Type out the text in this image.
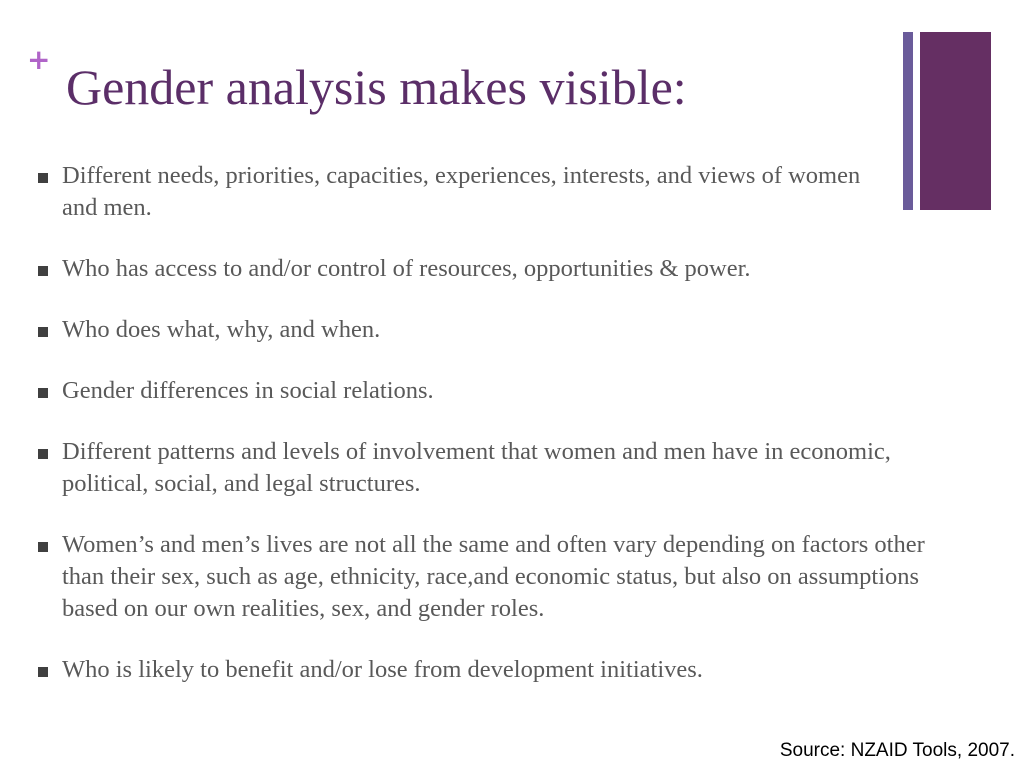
+ Gender analysis makes visible:
Different needs, priorities, capacities, experiences, interests, and views of women and men.
Who has access to and/or control of resources, opportunities & power.
Who does what, why, and when.
Gender differences in social relations.
Different patterns and levels of involvement that women and men have in economic, political, social, and legal structures.
Women’s and men’s lives are not all the same and often vary depending on factors other than their sex, such as age, ethnicity, race,and economic status, but also on assumptions based on our own realities, sex, and gender roles.
Who is likely to benefit and/or lose from development initiatives.
Source: NZAID Tools, 2007.
